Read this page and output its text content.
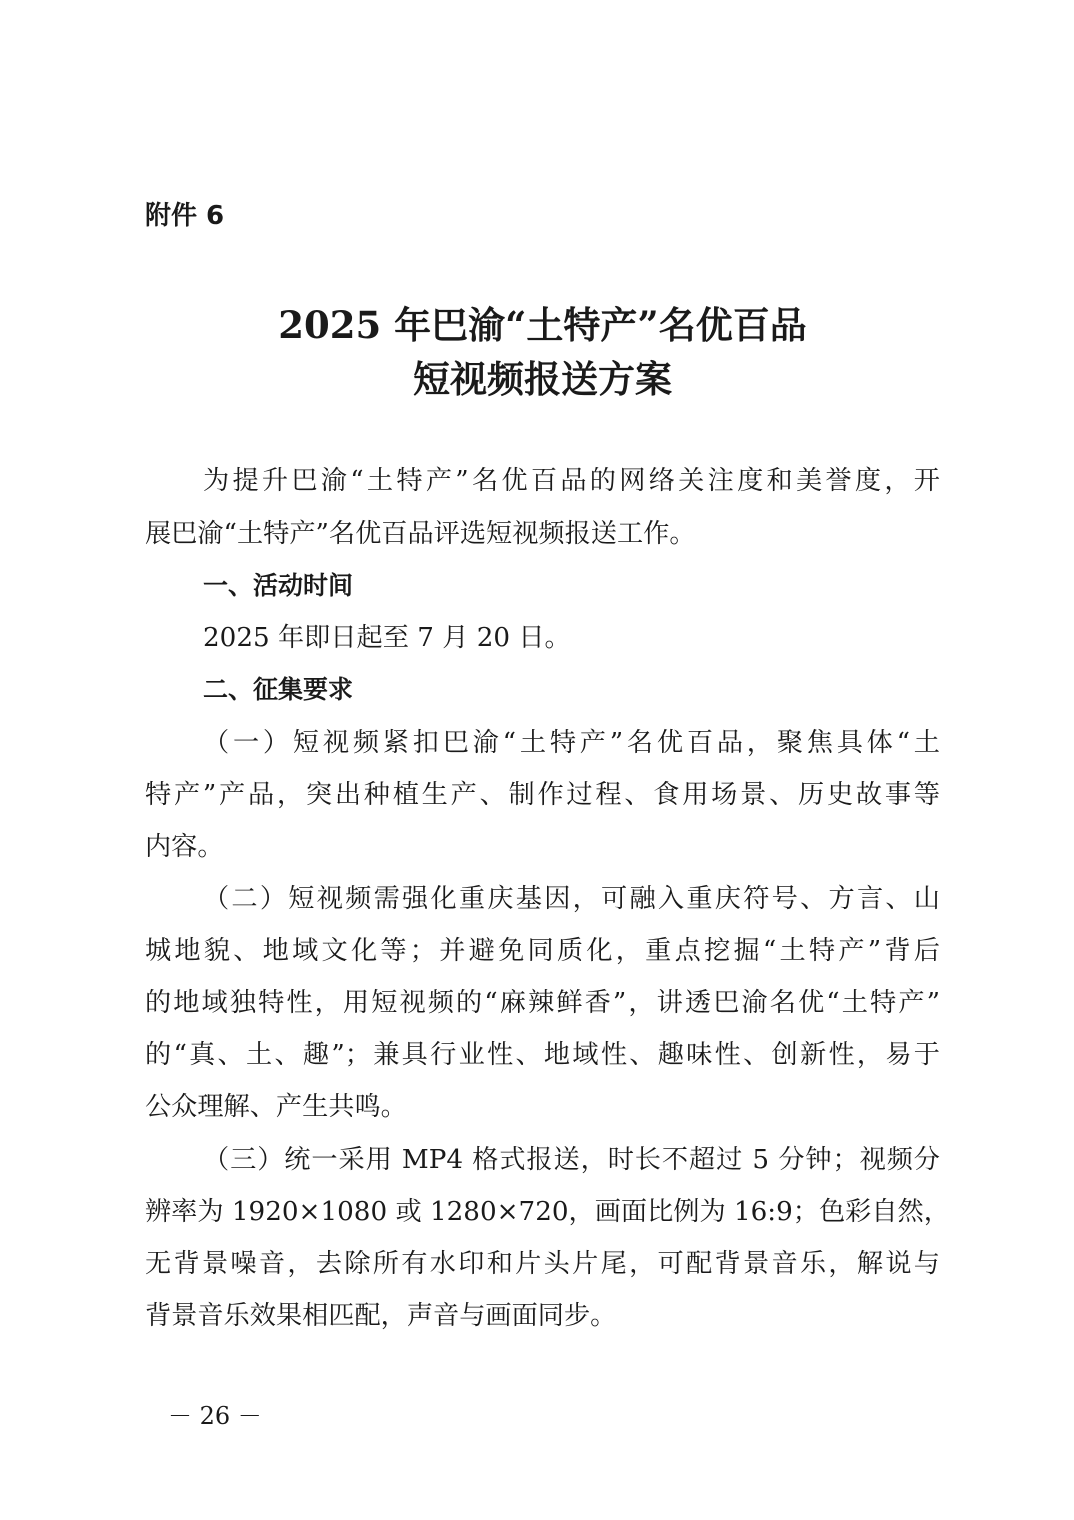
附件 6
2025 年巴渝“土特产”名优百品
短视频报送方案
为提升巴渝“土特产”名优百品的网络关注度和美誉度，开
展巴渝“土特产”名优百品评选短视频报送工作。
一、活动时间
2025 年即日起至 7 月 20 日。
二、征集要求
（一）短视频紧扣巴渝“土特产”名优百品，聚焦具体“土
特产”产品，突出种植生产、制作过程、食用场景、历史故事等
内容。
（二）短视频需强化重庆基因，可融入重庆符号、方言、山
城地貌、地域文化等；并避免同质化，重点挖掘“土特产”背后
的地域独特性，用短视频的“麻辣鲜香”，讲透巴渝名优“土特产”
的“真、土、趣”；兼具行业性、地域性、趣味性、创新性，易于
公众理解、产生共鸣。
（三）统一采用 MP4 格式报送，时长不超过 5 分钟；视频分
辨率为 1920×1080 或 1280×720，画面比例为 16:9；色彩自然，
无背景噪音，去除所有水印和片头片尾，可配背景音乐，解说与
背景音乐效果相匹配，声音与画面同步。
－ 26 －
